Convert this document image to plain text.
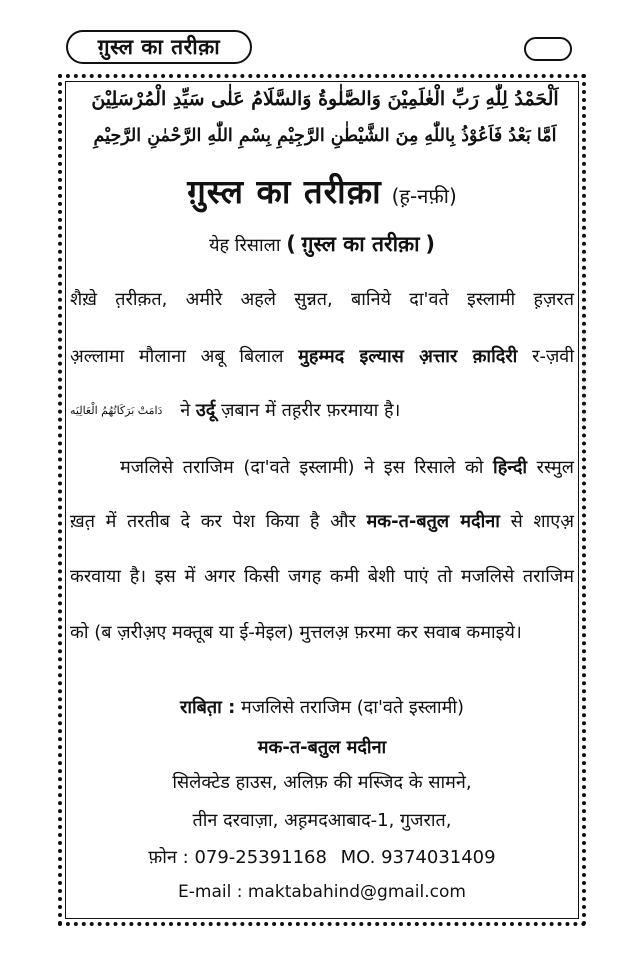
ग़ुस्ल का तरीक़ा
اَلْحَمْدُ لِلّٰهِ رَبِّ الْعٰلَمِيْنَ وَالصَّلٰوةُ وَالسَّلَامُ عَلٰى سَيِّدِ الْمُرْسَلِيْنَ
اَمَّا بَعْدُ فَاَعُوْذُ بِاللّٰهِ مِنَ الشَّيْطٰنِ الرَّجِيْمِ بِسْمِ اللّٰهِ الرَّحْمٰنِ الرَّحِيْمِ
ग़ुस्ल का तरीक़ा (ह़-नफ़ी)
येह रिसाला ( ग़ुस्ल का तरीक़ा )
शैख़े त़रीक़त, अमीरे अहले सुन्नत, बानिये दा'वते इस्लामी ह़ज़रत
अ़ल्लामा मौलाना अबू बिलाल मुहम्मद इल्यास अ़त्तार क़ादिरी र-ज़वी
دَامَتْ بَرَكَاتُهُمُ الْعَالِيَه ने उर्दू ज़बान में तह़रीर फ़रमाया है।
मजलिसे तराजिम (दा'वते इस्लामी) ने इस रिसाले को हिन्दी रस्मुल
ख़त़ में तरतीब दे कर पेश किया है और मक-त-बतुल मदीना से शाएअ़
करवाया है। इस में अगर किसी जगह कमी बेशी पाएं तो मजलिसे तराजिम
को (ब ज़रीअ़ए मक्तूब या ई-मेइल) मुत्तलअ़ फ़रमा कर सवाब कमाइये।
राबित़ा : मजलिसे तराजिम (दा'वते इस्लामी)
मक-त-बतुल मदीना
सिलेक्टेड हाउस, अलिफ़ की मस्जिद के सामने,
तीन दरवाज़ा, अह़मदआबाद-1, गुजरात,
फ़ोन : 079-25391168 MO. 9374031409
E-mail : maktabahind@gmail.com
